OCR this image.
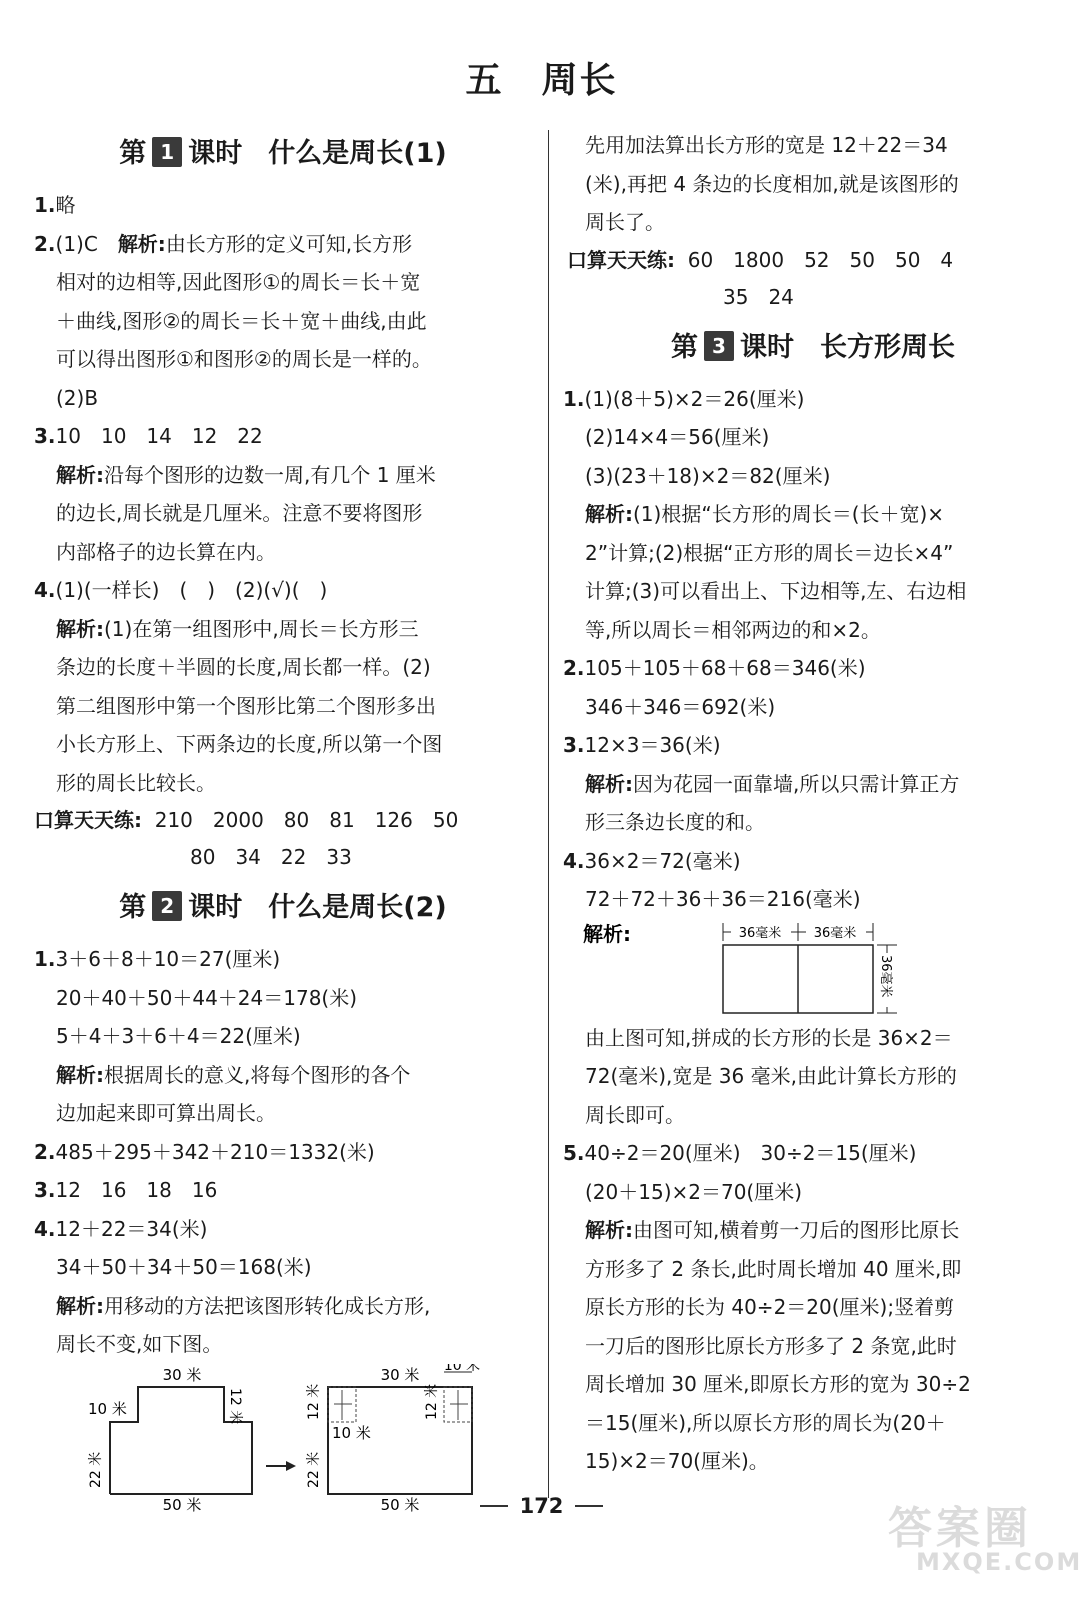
五　周长
第 1 课时 什么是周长(1)
1.略
2.(1)C　解析:由长方形的定义可知,长方形
相对的边相等,因此图形①的周长＝长＋宽
＋曲线,图形②的周长＝长＋宽＋曲线,由此
可以得出图形①和图形②的周长是一样的。
(2)B
3.10　10　14　12　22
解析:沿每个图形的边数一周,有几个 1 厘米
的边长,周长就是几厘米。注意不要将图形
内部格子的边长算在内。
4.(1)(一样长)　(　)　(2)(√)(　)
解析:(1)在第一组图形中,周长＝长方形三
条边的长度＋半圆的长度,周长都一样。(2)
第二组图形中第一个图形比第二个图形多出
小长方形上、下两条边的长度,所以第一个图
形的周长比较长。
口算天天练: 210　2000　80　81　126　50
80　34　22　33
第 2 课时 什么是周长(2)
1.3＋6＋8＋10＝27(厘米)
20＋40＋50＋44＋24＝178(米)
5＋4＋3＋6＋4＝22(厘米)
解析:根据周长的意义,将每个图形的各个
边加起来即可算出周长。
2.485＋295＋342＋210＝1332(米)
3.12　16　18　16
4.12＋22＝34(米)
34＋50＋34＋50＝168(米)
解析:用移动的方法把该图形转化成长方形,
周长不变,如下图。
30 米
12 米
10 米
22 米
50 米
30 米 10 米
12 米
10 米
22 米
12 米
50 米
先用加法算出长方形的宽是 12＋22＝34
(米),再把 4 条边的长度相加,就是该图形的
周长了。
口算天天练: 60　1800　52　50　50　4
35　24
第 3 课时 长方形周长
1.(1)(8＋5)×2＝26(厘米)
(2)14×4＝56(厘米)
(3)(23＋18)×2＝82(厘米)
解析:(1)根据“长方形的周长＝(长＋宽)×
2”计算;(2)根据“正方形的周长＝边长×4”
计算;(3)可以看出上、下边相等,左、右边相
等,所以周长＝相邻两边的和×2。
2.105＋105＋68＋68＝346(米)
346＋346＝692(米)
3.12×3＝36(米)
解析:因为花园一面靠墙,所以只需计算正方
形三条边长度的和。
4.36×2＝72(毫米)
72＋72＋36＋36＝216(毫米)
解析:	36毫米 36毫米
36毫米
由上图可知,拼成的长方形的长是 36×2＝
72(毫米),宽是 36 毫米,由此计算长方形的
周长即可。
5.40÷2＝20(厘米)　30÷2＝15(厘米)
(20＋15)×2＝70(厘米)
解析:由图可知,横着剪一刀后的图形比原长
方形多了 2 条长,此时周长增加 40 厘米,即
原长方形的长为 40÷2＝20(厘米);竖着剪
一刀后的图形比原长方形多了 2 条宽,此时
周长增加 30 厘米,即原长方形的宽为 30÷2
＝15(厘米),所以原长方形的周长为(20＋
15)×2＝70(厘米)。
172	答案圈
MXQE.COM
